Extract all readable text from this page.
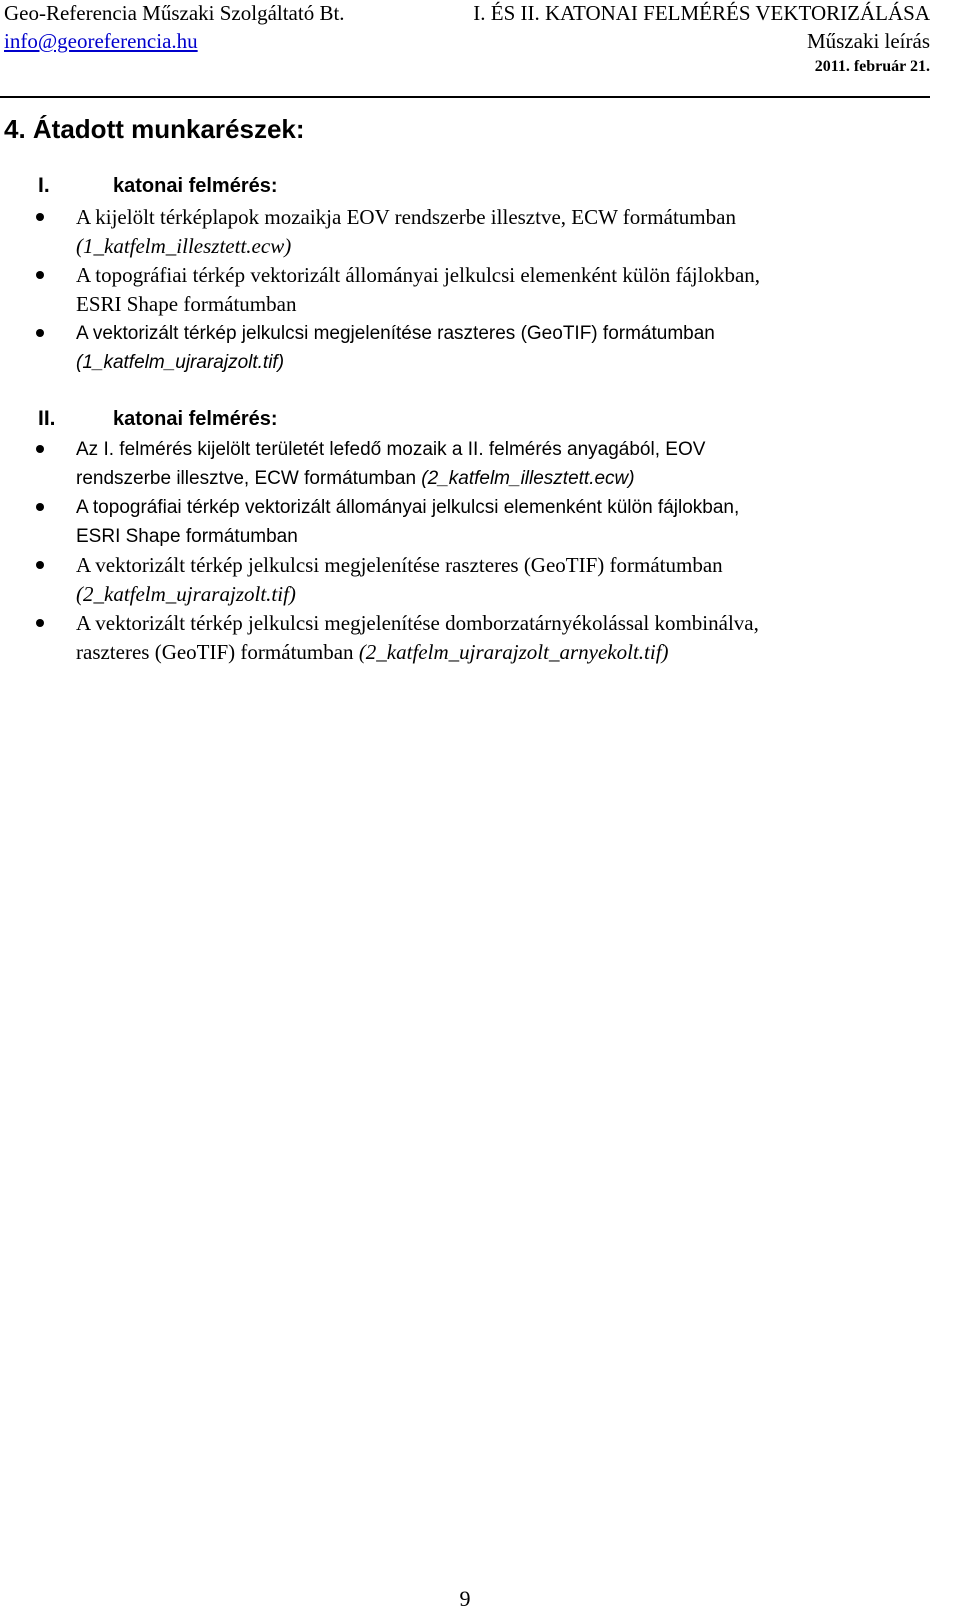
Geo-Referencia Műszaki Szolgáltató Bt.
info@georeferencia.hu
I. ÉS II. KATONAI FELMÉRÉS VEKTORIZÁLÁSA
Műszaki leírás
2011. február 21.
4. Átadott munkarészek:
I.	katonai felmérés:
A kijelölt térképlapok mozaikja EOV rendszerbe illesztve, ECW formátumban
(1_katfelm_illesztett.ecw)
A topográfiai térkép vektorizált állományai jelkulcsi elemenként külön fájlokban,
ESRI Shape formátumban
A vektorizált térkép jelkulcsi megjelenítése raszteres (GeoTIF) formátumban
(1_katfelm_ujrarajzolt.tif)
II.	katonai felmérés:
Az I. felmérés kijelölt területét lefedő mozaik a II. felmérés anyagából, EOV
rendszerbe illesztve, ECW formátumban (2_katfelm_illesztett.ecw)
A topográfiai térkép vektorizált állományai jelkulcsi elemenként külön fájlokban,
ESRI Shape formátumban
A vektorizált térkép jelkulcsi megjelenítése raszteres (GeoTIF) formátumban
(2_katfelm_ujrarajzolt.tif)
A vektorizált térkép jelkulcsi megjelenítése domborzatárnyékolással kombinálva,
raszteres (GeoTIF) formátumban (2_katfelm_ujrarajzolt_arnyekolt.tif)
9
